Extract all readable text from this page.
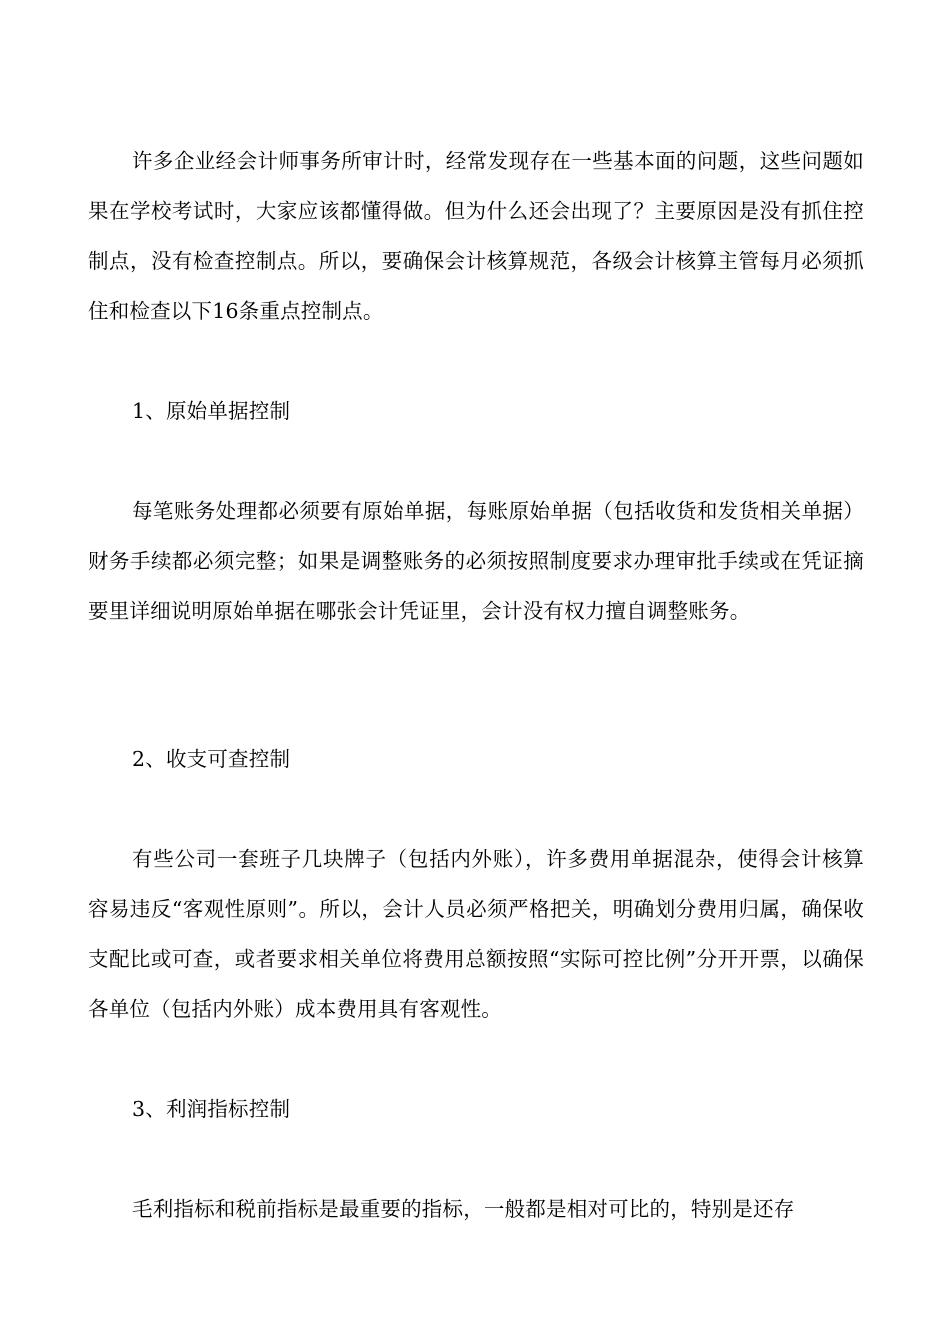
许多企业经会计师事务所审计时，经常发现存在一些基本面的问题，这些问题如果在学校考试时，大家应该都懂得做。但为什么还会出现了？主要原因是没有抓住控制点，没有检查控制点。所以，要确保会计核算规范，各级会计核算主管每月必须抓住和检查以下16条重点控制点。

1、原始单据控制

每笔账务处理都必须要有原始单据，每账原始单据（包括收货和发货相关单据）财务手续都必须完整；如果是调整账务的必须按照制度要求办理审批手续或在凭证摘要里详细说明原始单据在哪张会计凭证里，会计没有权力擅自调整账务。

2、收支可查控制

有些公司一套班子几块牌子（包括内外账），许多费用单据混杂，使得会计核算容易违反“客观性原则”。所以，会计人员必须严格把关，明确划分费用归属，确保收支配比或可查，或者要求相关单位将费用总额按照“实际可控比例”分开开票，以确保各单位（包括内外账）成本费用具有客观性。

3、利润指标控制

毛利指标和税前指标是最重要的指标，一般都是相对可比的，特别是还存
